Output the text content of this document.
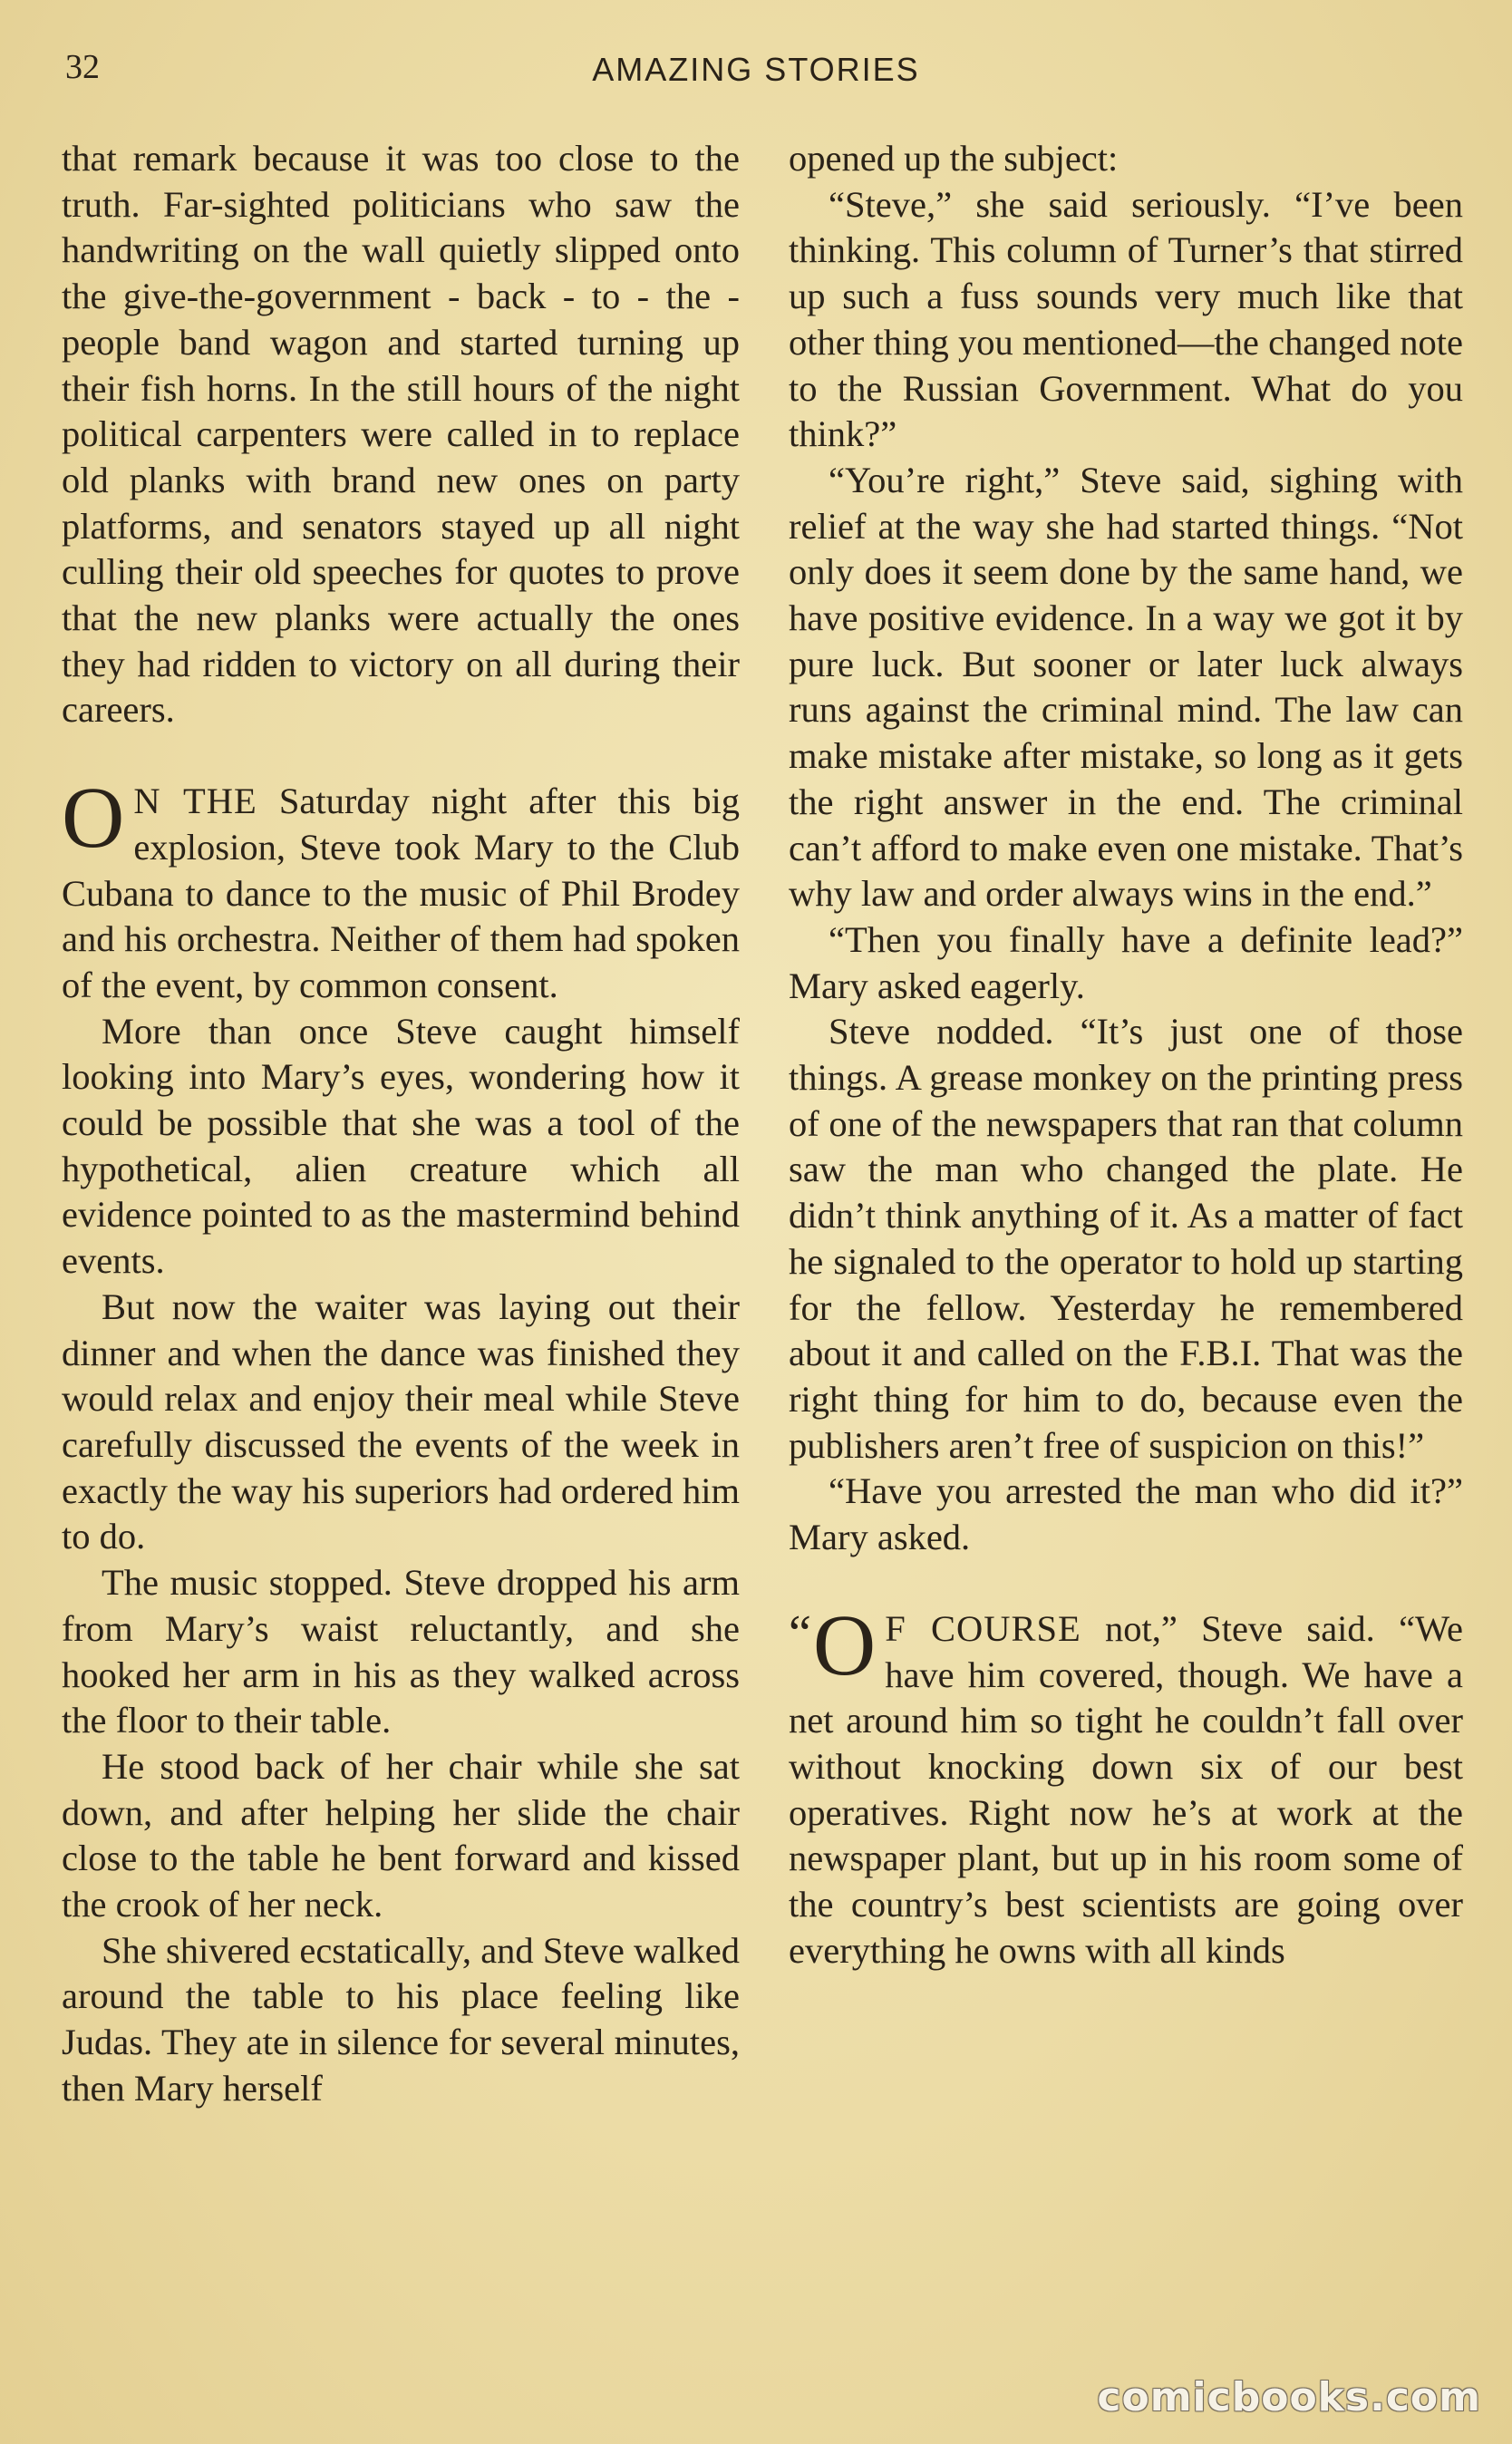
32	AMAZING STORIES

that remark because it was too close to the truth. Far-sighted politicians who saw the handwriting on the wall quietly slipped onto the give-the-government - back - to - the - people band wagon and started turning up their fish horns. In the still hours of the night political carpenters were called in to replace old planks with brand new ones on party platforms, and senators stayed up all night culling their old speeches for quotes to prove that the new planks were actually the ones they had ridden to victory on all during their careers.

O N THE Saturday night after this big explosion, Steve took Mary to the Club Cubana to dance to the music of Phil Brodey and his orchestra. Neither of them had spoken of the event, by common consent.

More than once Steve caught himself looking into Mary’s eyes, wondering how it could be possible that she was a tool of the hypothetical, alien creature which all evidence pointed to as the mastermind behind events.

But now the waiter was laying out their dinner and when the dance was finished they would relax and enjoy their meal while Steve carefully discussed the events of the week in exactly the way his superiors had ordered him to do.

The music stopped. Steve dropped his arm from Mary’s waist reluctantly, and she hooked her arm in his as they walked across the floor to their table.

He stood back of her chair while she sat down, and after helping her slide the chair close to the table he bent forward and kissed the crook of her neck.

She shivered ecstatically, and Steve walked around the table to his place feeling like Judas. They ate in silence for several minutes, then Mary herself

opened up the subject:

“Steve,” she said seriously. “I’ve been thinking. This column of Turner’s that stirred up such a fuss sounds very much like that other thing you mentioned—the changed note to the Russian Government. What do you think?”

“You’re right,” Steve said, sighing with relief at the way she had started things. “Not only does it seem done by the same hand, we have positive evidence. In a way we got it by pure luck. But sooner or later luck always runs against the criminal mind. The law can make mistake after mistake, so long as it gets the right answer in the end. The criminal can’t afford to make even one mistake. That’s why law and order always wins in the end.”

“Then you finally have a definite lead?” Mary asked eagerly.

Steve nodded. “It’s just one of those things. A grease monkey on the printing press of one of the newspapers that ran that column saw the man who changed the plate. He didn’t think anything of it. As a matter of fact he signaled to the operator to hold up starting for the fellow. Yesterday he remembered about it and called on the F.B.I. That was the right thing for him to do, because even the publishers aren’t free of suspicion on this!”

“Have you arrested the man who did it?” Mary asked.

“ O F COURSE not,” Steve said. “We have him covered, though. We have a net around him so tight he couldn’t fall over without knocking down six of our best operatives. Right now he’s at work at the newspaper plant, but up in his room some of the country’s best scientists are going over everything he owns with all kinds

comicbooks.com
